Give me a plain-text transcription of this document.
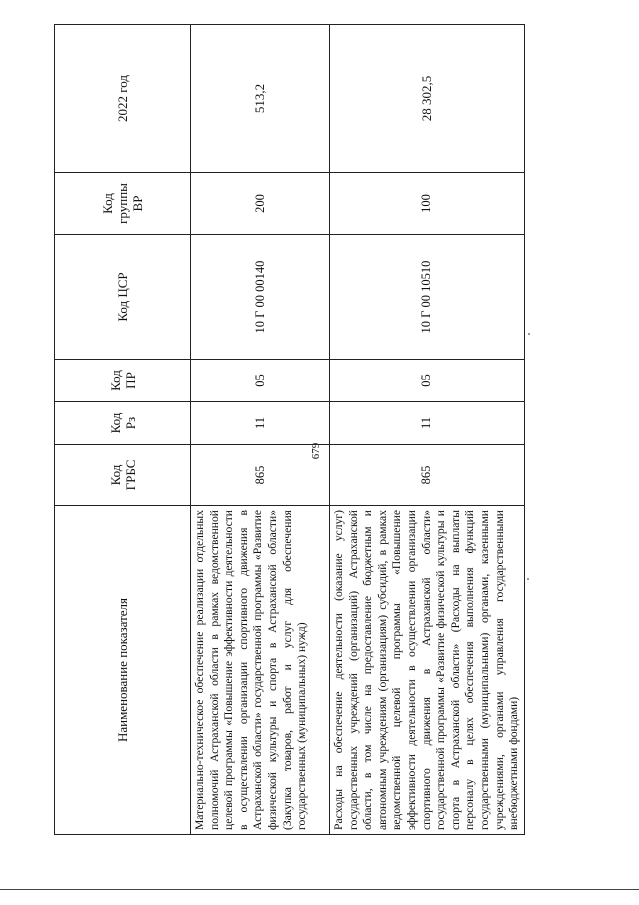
679
Наименование показателя	Код ГРБС	Код Рз	Код ПР	Код ЦСР	Код группы ВР	2022 год
Материально-техническое обеспечение реализации отдельных полномочий Астраханской области в рамках ведомственной целевой программы «Повышение эффективности деятельности в осуществлении организации спортивного движения в Астраханской области» государственной программы «Развитие физической культуры и спорта в Астраханской области» (Закупка товаров, работ и услуг для обеспечения государственных (муниципальных) нужд)	865	11	05	10 Г 00 00140	200	513,2
Расходы на обеспечение деятельности (оказание услуг) государственных учреждений (организаций) Астраханской области, в том числе на предоставление бюджетным и автономным учреждениям (организациям) субсидий, в рамках ведомственной целевой программы «Повышение эффективности деятельности в осуществлении организации спортивного движения в Астраханской области» государственной программы «Развитие физической культуры и спорта в Астраханской области» (Расходы на выплаты персоналу в целях обеспечения выполнения функций государственными (муниципальными) органами, казенными учреждениями, органами управления государственными внебюджетными фондами)	865	11	05	10 Г 00 10510	100	28 302,5
